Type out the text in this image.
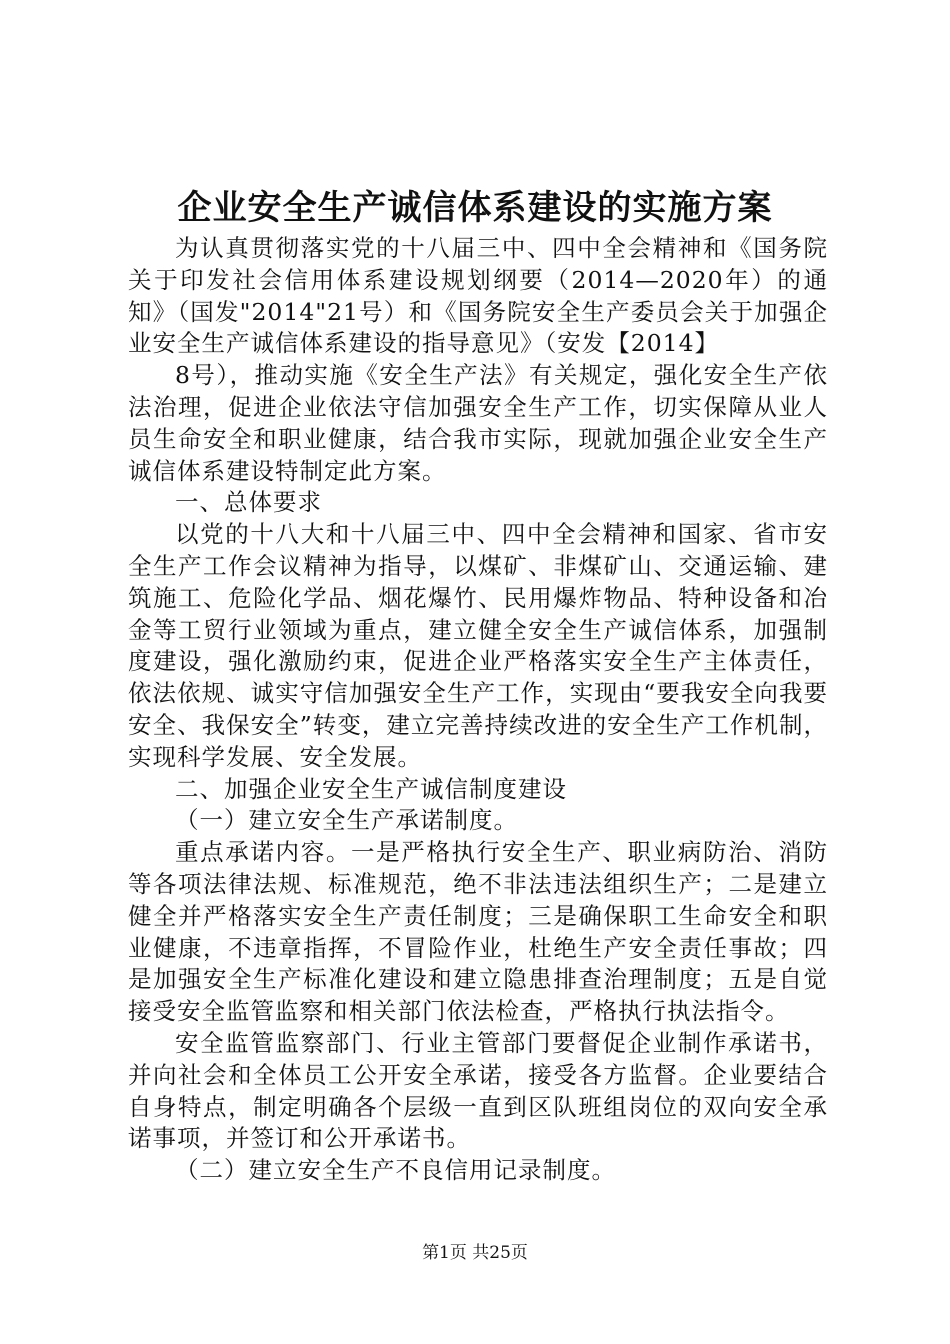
企业安全生产诚信体系建设的实施方案

为认真贯彻落实党的十八届三中、四中全会精神和《国务院关于印发社会信用体系建设规划纲要（2014—2020年）的通知》（国发"2014"21号）和《国务院安全生产委员会关于加强企业安全生产诚信体系建设的指导意见》（安发【2014】

8号），推动实施《安全生产法》有关规定，强化安全生产依法治理，促进企业依法守信加强安全生产工作，切实保障从业人员生命安全和职业健康，结合我市实际，现就加强企业安全生产诚信体系建设特制定此方案。

一、总体要求

以党的十八大和十八届三中、四中全会精神和国家、省市安全生产工作会议精神为指导，以煤矿、非煤矿山、交通运输、建筑施工、危险化学品、烟花爆竹、民用爆炸物品、特种设备和冶金等工贸行业领域为重点，建立健全安全生产诚信体系，加强制度建设，强化激励约束，促进企业严格落实安全生产主体责任，依法依规、诚实守信加强安全生产工作，实现由“要我安全向我要安全、我保安全”转变，建立完善持续改进的安全生产工作机制，实现科学发展、安全发展。

二、加强企业安全生产诚信制度建设

（一）建立安全生产承诺制度。

重点承诺内容。一是严格执行安全生产、职业病防治、消防等各项法律法规、标准规范，绝不非法违法组织生产；二是建立健全并严格落实安全生产责任制度；三是确保职工生命安全和职业健康，不违章指挥，不冒险作业，杜绝生产安全责任事故；四是加强安全生产标准化建设和建立隐患排查治理制度；五是自觉接受安全监管监察和相关部门依法检查，严格执行执法指令。

安全监管监察部门、行业主管部门要督促企业制作承诺书，并向社会和全体员工公开安全承诺，接受各方监督。企业要结合自身特点，制定明确各个层级一直到区队班组岗位的双向安全承诺事项，并签订和公开承诺书。

（二）建立安全生产不良信用记录制度。

第1页 共25页
